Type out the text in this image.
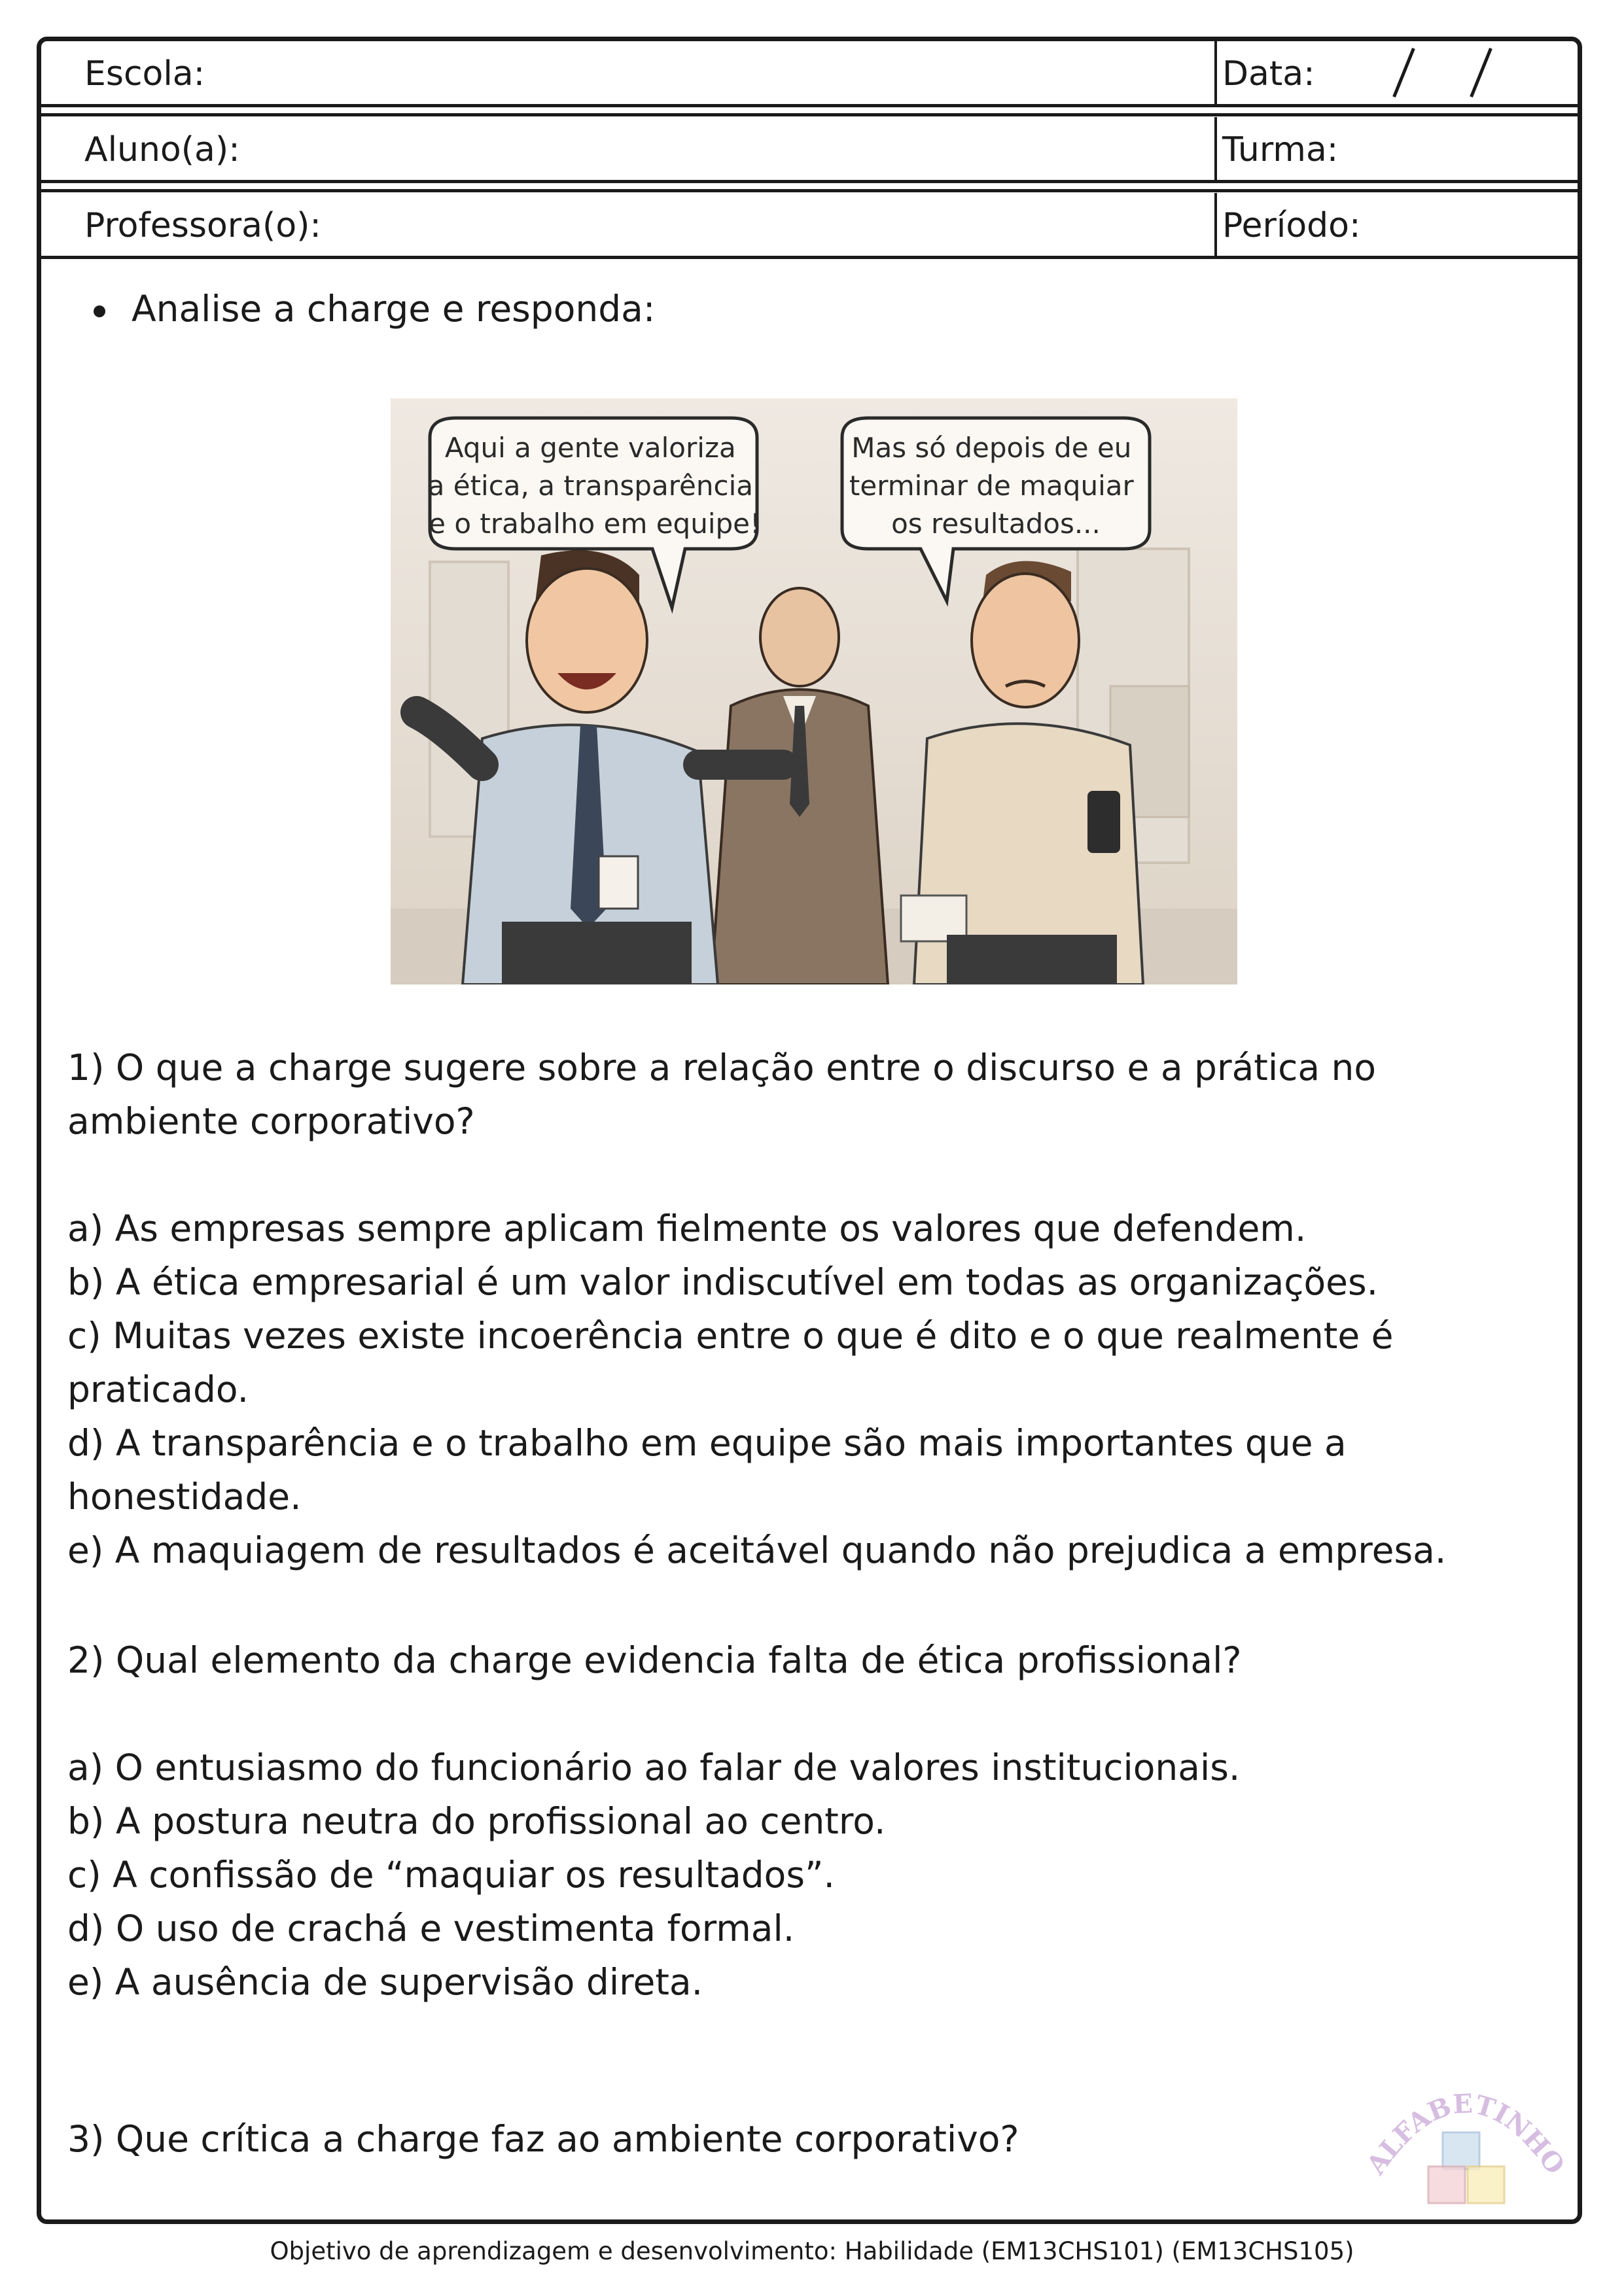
Escola:	Data:
Aluno(a):	Turma:
Professora(o):	Período:
Analise a charge e responda:
Aqui a gente valoriza a ética, a transparência e o trabalho em equipe!
Mas só depois de eu terminar de maquiar os resultados...
1) O que a charge sugere sobre a relação entre o discurso e a prática no ambiente corporativo?
a) As empresas sempre aplicam fielmente os valores que defendem.
b) A ética empresarial é um valor indiscutível em todas as organizações.
c) Muitas vezes existe incoerência entre o que é dito e o que realmente é praticado.
d) A transparência e o trabalho em equipe são mais importantes que a honestidade.
e) A maquiagem de resultados é aceitável quando não prejudica a empresa.
2) Qual elemento da charge evidencia falta de ética profissional?
a) O entusiasmo do funcionário ao falar de valores institucionais.
b) A postura neutra do profissional ao centro.
c) A confissão de “maquiar os resultados”.
d) O uso de crachá e vestimenta formal.
e) A ausência de supervisão direta.
3) Que crítica a charge faz ao ambiente corporativo?
ALFABETINHO
Objetivo de aprendizagem e desenvolvimento: Habilidade (EM13CHS101) (EM13CHS105)
